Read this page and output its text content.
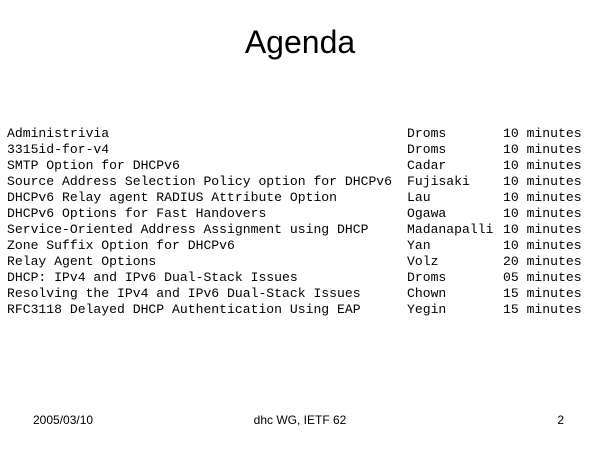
Agenda
Administrivia	Droms	10 minutes
3315id-for-v4	Droms	10 minutes
SMTP Option for DHCPv6	Cadar	10 minutes
Source Address Selection Policy option for DHCPv6	Fujisaki	10 minutes
DHCPv6 Relay agent RADIUS Attribute Option	Lau	10 minutes
DHCPv6 Options for Fast Handovers	Ogawa	10 minutes
Service-Oriented Address Assignment using DHCP	Madanapalli	10 minutes
Zone Suffix Option for DHCPv6	Yan	10 minutes
Relay Agent Options	Volz	20 minutes
DHCP: IPv4 and IPv6 Dual-Stack Issues	Droms	05 minutes
Resolving the IPv4 and IPv6 Dual-Stack Issues	Chown	15 minutes
RFC3118 Delayed DHCP Authentication Using EAP	Yegin	15 minutes
2005/03/10	dhc WG, IETF 62	2
